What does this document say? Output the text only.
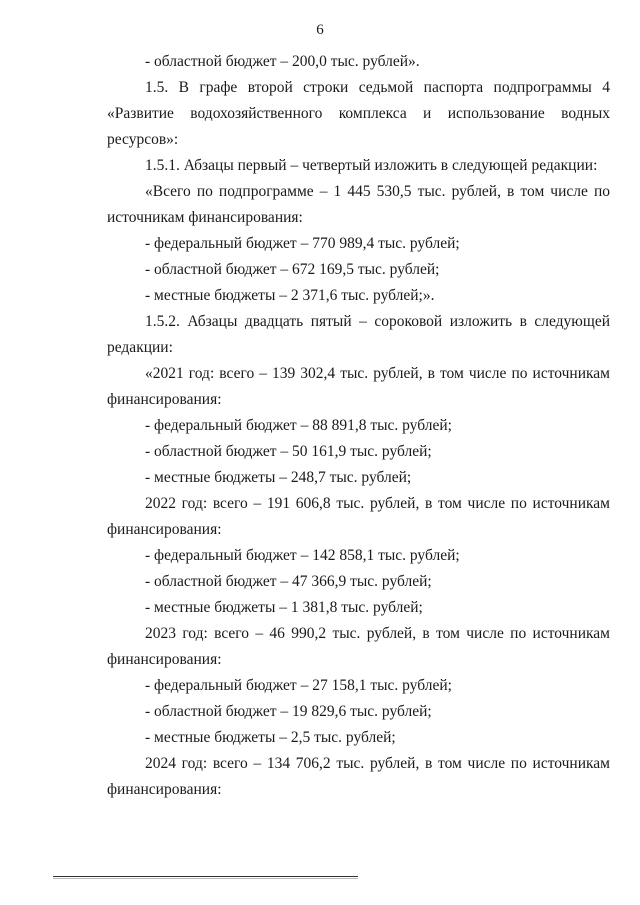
6

- областной бюджет – 200,0 тыс. рублей».

1.5. В графе второй строки седьмой паспорта подпрограммы 4 «Развитие водохозяйственного комплекса и использование водных ресурсов»:

1.5.1. Абзацы первый – четвертый изложить в следующей редакции:

«Всего по подпрограмме – 1 445 530,5 тыс. рублей, в том числе по источникам финансирования:

- федеральный бюджет – 770 989,4 тыс. рублей;

- областной бюджет – 672 169,5 тыс. рублей;

- местные бюджеты – 2 371,6 тыс. рублей;».

1.5.2. Абзацы двадцать пятый – сороковой изложить в следующей редакции:

«2021 год: всего – 139 302,4 тыс. рублей, в том числе по источникам финансирования:

- федеральный бюджет – 88 891,8 тыс. рублей;

- областной бюджет – 50 161,9 тыс. рублей;

- местные бюджеты – 248,7 тыс. рублей;

2022 год: всего – 191 606,8 тыс. рублей, в том числе по источникам финансирования:

- федеральный бюджет – 142 858,1 тыс. рублей;

- областной бюджет – 47 366,9 тыс. рублей;

- местные бюджеты – 1 381,8 тыс. рублей;

2023 год: всего – 46 990,2 тыс. рублей, в том числе по источникам финансирования:

- федеральный бюджет – 27 158,1 тыс. рублей;

- областной бюджет – 19 829,6 тыс. рублей;

- местные бюджеты – 2,5 тыс. рублей;

2024 год: всего – 134 706,2 тыс. рублей, в том числе по источникам финансирования:
